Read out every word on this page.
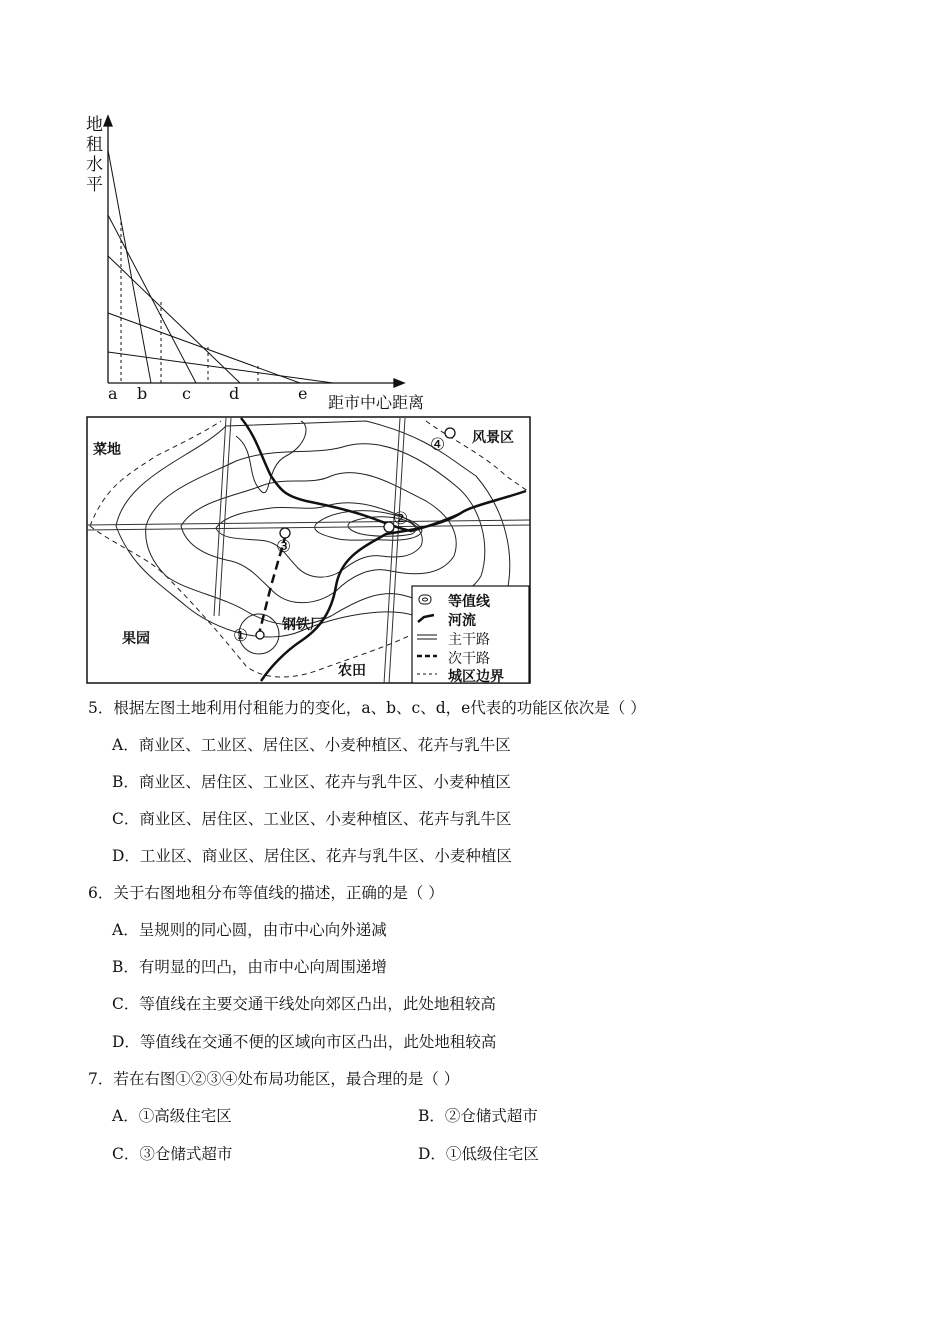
地
租
水
平
a b c d	e 距市中心距离
菜地
风景区
果园
钢铁厂
农田
①
②
③
④
等值线
河流
主干路
次干路
城区边界
5．根据左图土地利用付租能力的变化，a、b、c、d，e代表的功能区依次是（ ）
A．商业区、工业区、居住区、小麦种植区、花卉与乳牛区
B．商业区、居住区、工业区、花卉与乳牛区、小麦种植区
C．商业区、居住区、工业区、小麦种植区、花卉与乳牛区
D．工业区、商业区、居住区、花卉与乳牛区、小麦种植区
6．关于右图地租分布等值线的描述，正确的是（ ）
A．呈规则的同心圆，由市中心向外递减
B．有明显的凹凸，由市中心向周围递增
C．等值线在主要交通干线处向郊区凸出，此处地租较高
D．等值线在交通不便的区域向市区凸出，此处地租较高
7．若在右图①②③④处布局功能区，最合理的是（ ）
A．①高级住宅区	B．②仓储式超市
C．③仓储式超市	D．①低级住宅区
